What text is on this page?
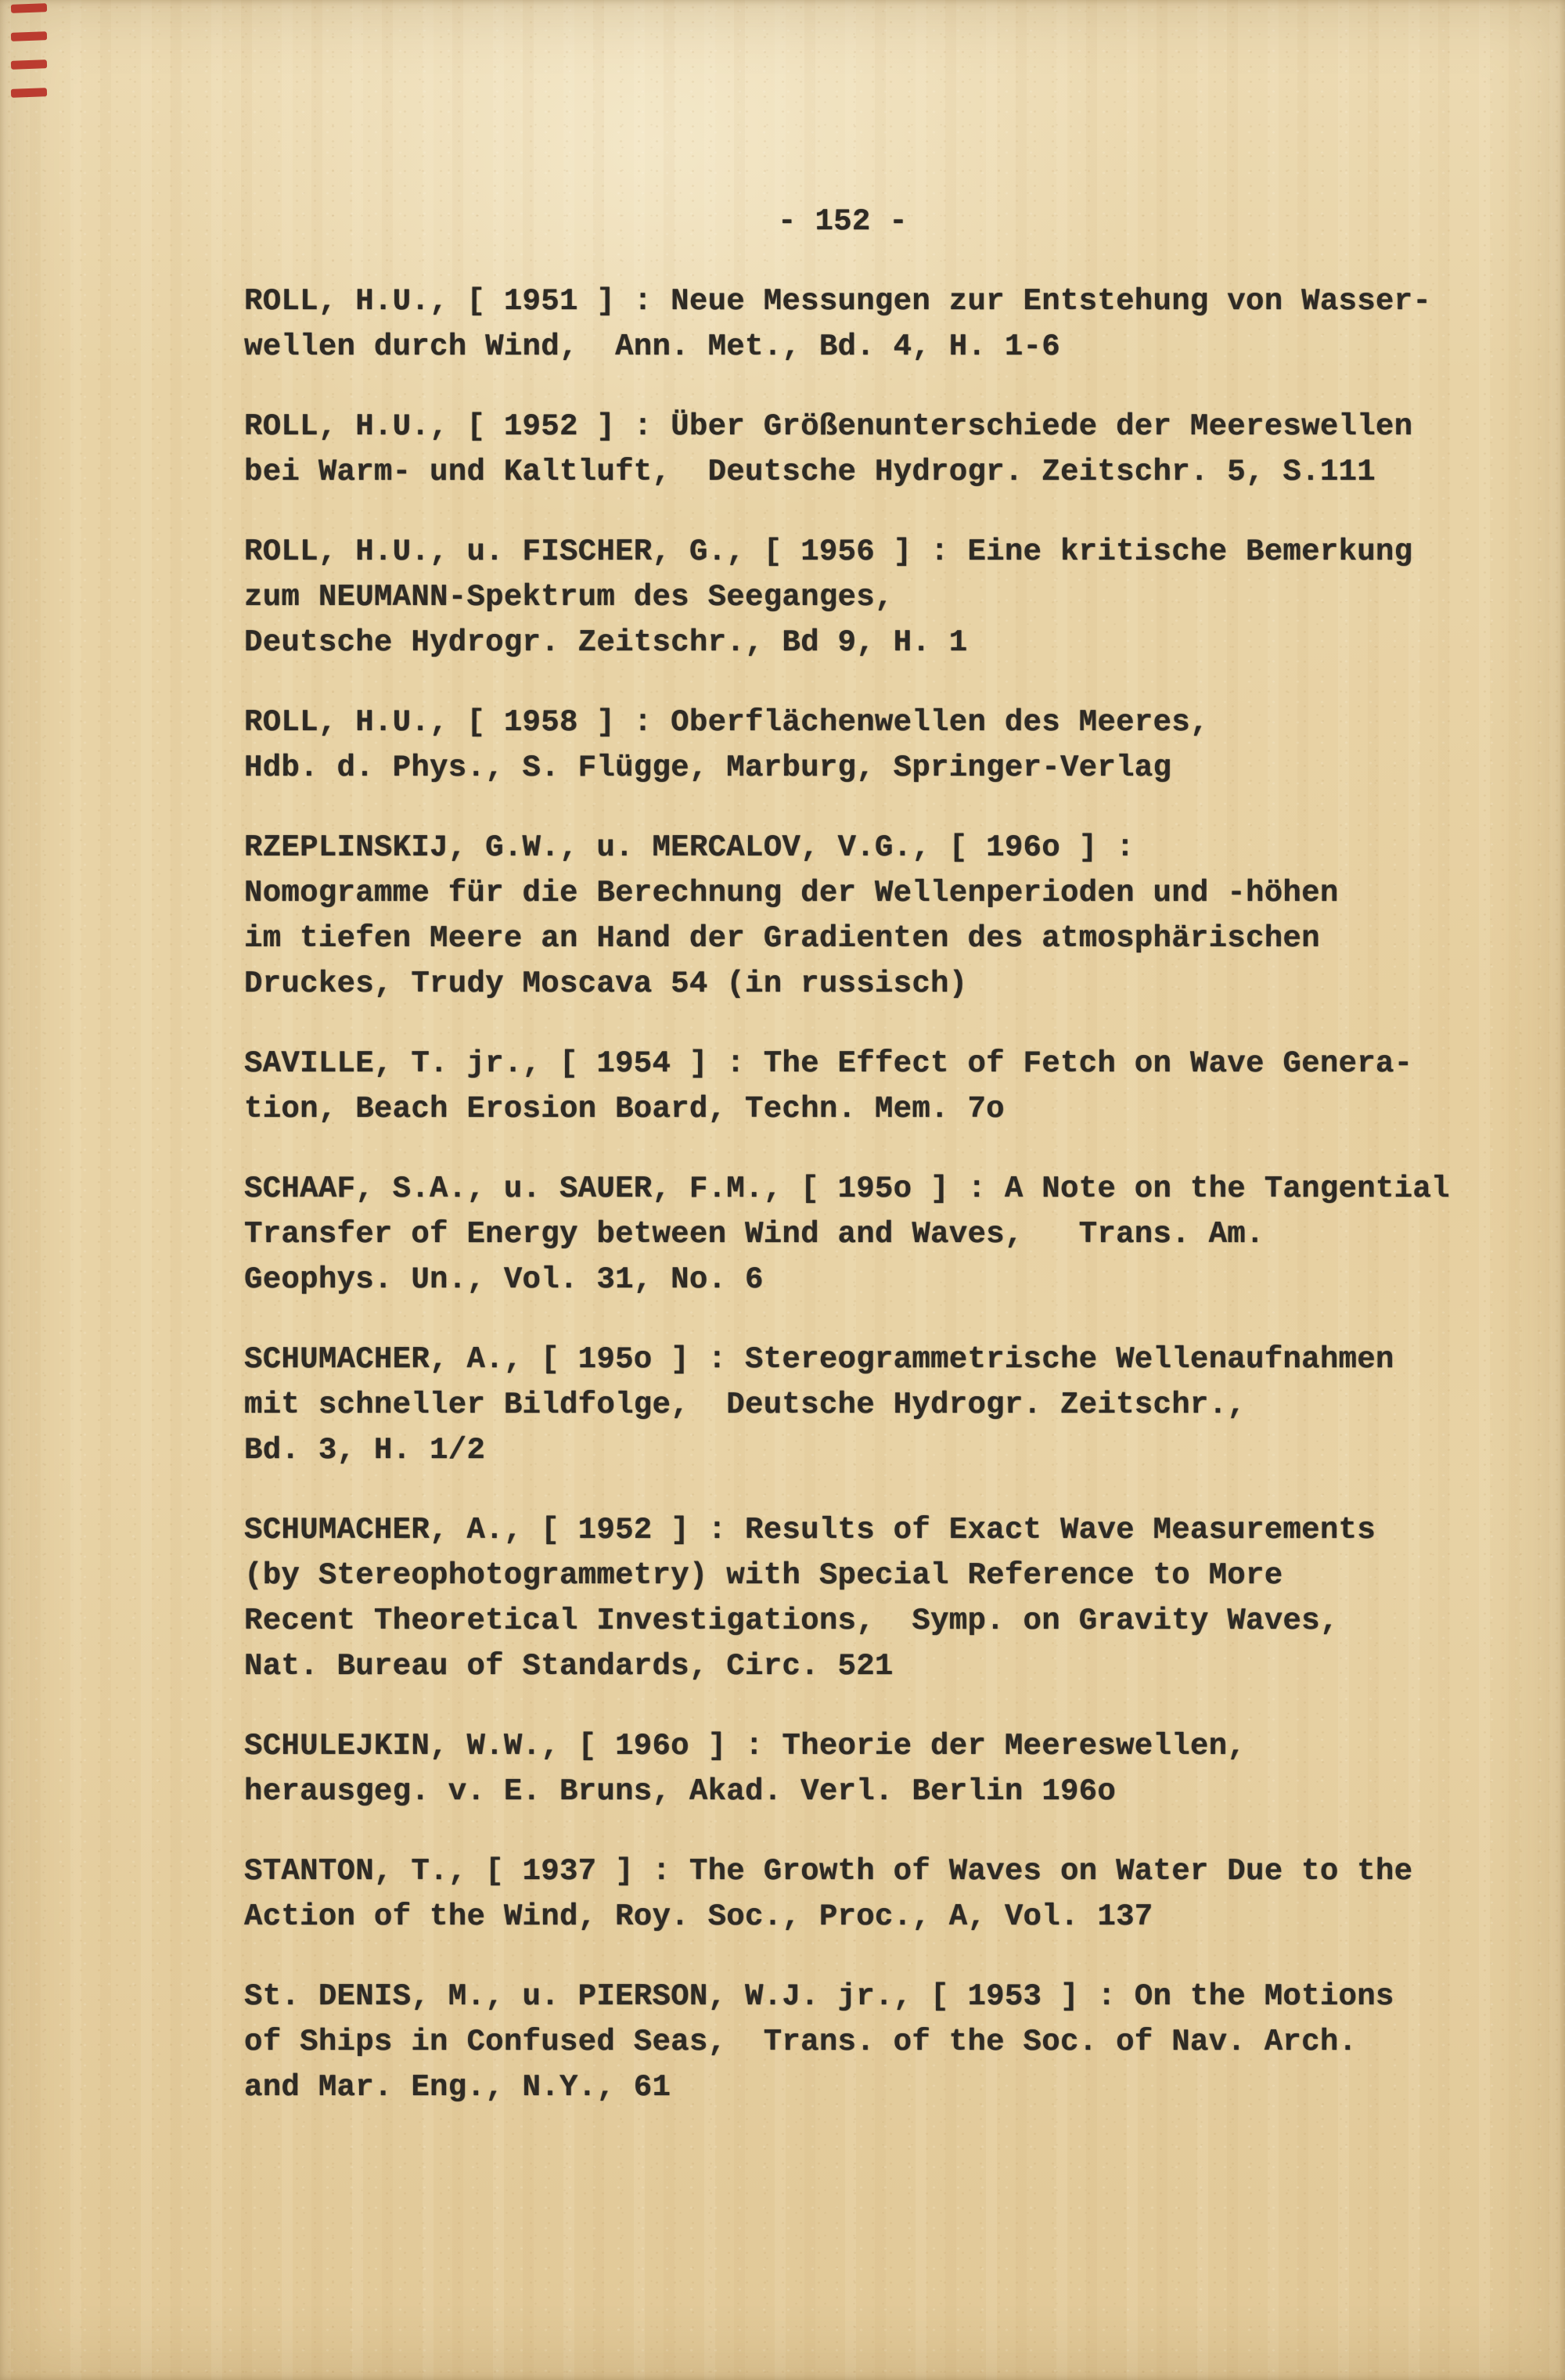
- 152 -

ROLL, H.U., [ 1951 ] : Neue Messungen zur Entstehung von Wasser-
wellen durch Wind,  Ann. Met., Bd. 4, H. 1-6

ROLL, H.U., [ 1952 ] : Über Größenunterschiede der Meereswellen
bei Warm- und Kaltluft,  Deutsche Hydrogr. Zeitschr. 5, S.111

ROLL, H.U., u. FISCHER, G., [ 1956 ] : Eine kritische Bemerkung
zum NEUMANN-Spektrum des Seeganges,
Deutsche Hydrogr. Zeitschr., Bd 9, H. 1

ROLL, H.U., [ 1958 ] : Oberflächenwellen des Meeres,
Hdb. d. Phys., S. Flügge, Marburg, Springer-Verlag

RZEPLINSKIJ, G.W., u. MERCALOV, V.G., [ 196o ] :
Nomogramme für die Berechnung der Wellenperioden und -höhen
im tiefen Meere an Hand der Gradienten des atmosphärischen
Druckes, Trudy Moscava 54 (in russisch)

SAVILLE, T. jr., [ 1954 ] : The Effect of Fetch on Wave Genera-
tion, Beach Erosion Board, Techn. Mem. 7o

SCHAAF, S.A., u. SAUER, F.M., [ 195o ] : A Note on the Tangential
Transfer of Energy between Wind and Waves,   Trans. Am.
Geophys. Un., Vol. 31, No. 6

SCHUMACHER, A., [ 195o ] : Stereogrammetrische Wellenaufnahmen
mit schneller Bildfolge,  Deutsche Hydrogr. Zeitschr.,
Bd. 3, H. 1/2

SCHUMACHER, A., [ 1952 ] : Results of Exact Wave Measurements
(by Stereophotogrammetry) with Special Reference to More
Recent Theoretical Investigations,  Symp. on Gravity Waves,
Nat. Bureau of Standards, Circ. 521

SCHULEJKIN, W.W., [ 196o ] : Theorie der Meereswellen,
herausgeg. v. E. Bruns, Akad. Verl. Berlin 196o

STANTON, T., [ 1937 ] : The Growth of Waves on Water Due to the
Action of the Wind, Roy. Soc., Proc., A, Vol. 137

St. DENIS, M., u. PIERSON, W.J. jr., [ 1953 ] : On the Motions
of Ships in Confused Seas,  Trans. of the Soc. of Nav. Arch.
and Mar. Eng., N.Y., 61
